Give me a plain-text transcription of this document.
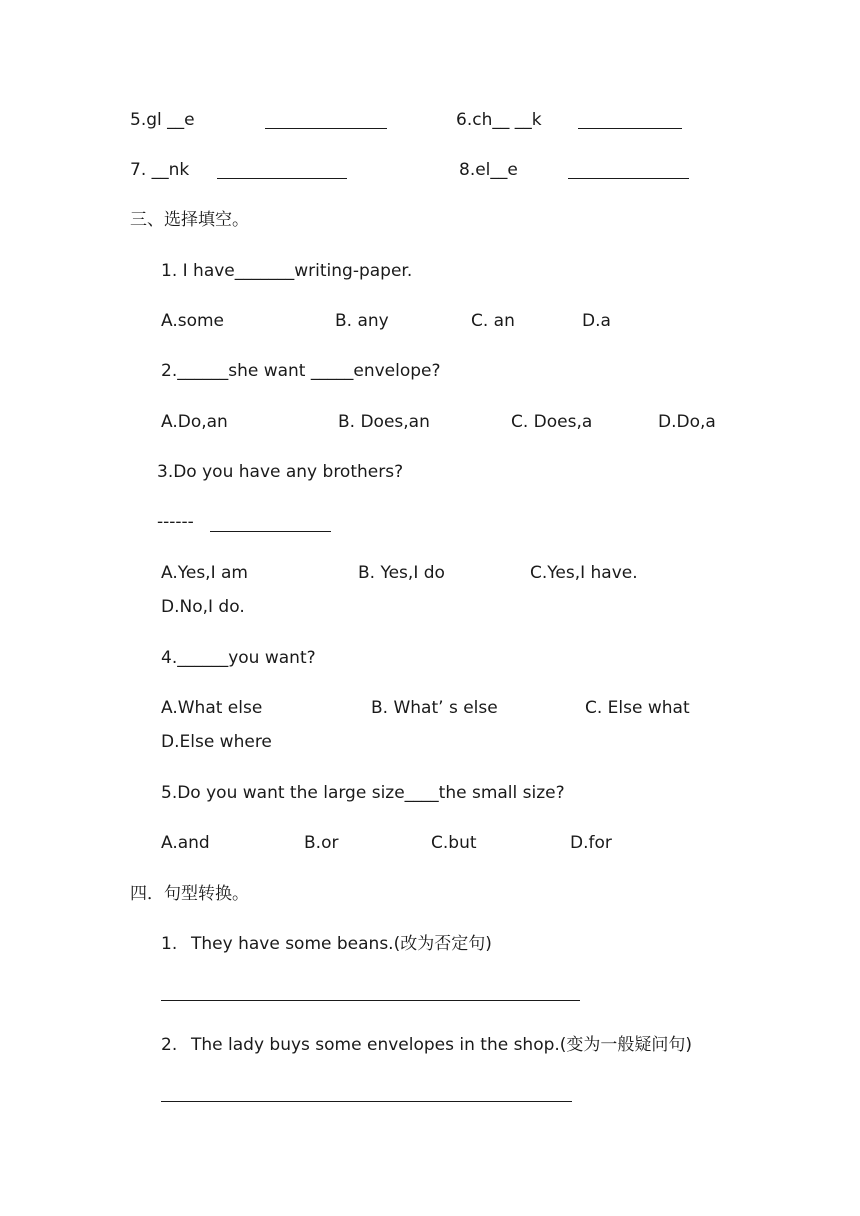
5.gl __e	6.ch__ __k
7. __nk	8.el__e
三、选择填空。
1. I have_______writing-paper.
A.some	B. any	C. an	D.a
2.______she want _____envelope?
A.Do,an	B. Does,an	C. Does,a	D.Do,a
3.Do you have any brothers?
------
A.Yes,I am	B. Yes,I do	C.Yes,I have.
D.No,I do.
4.______you want?
A.What else	B. What’ s else	C. Else what
D.Else where
5.Do you want the large size____the small size?
A.and	B.or	C.but	D.for
四．句型转换。
1. They have some beans.(改为否定句)
2. The lady buys some envelopes in the shop.(变为一般疑问句)
